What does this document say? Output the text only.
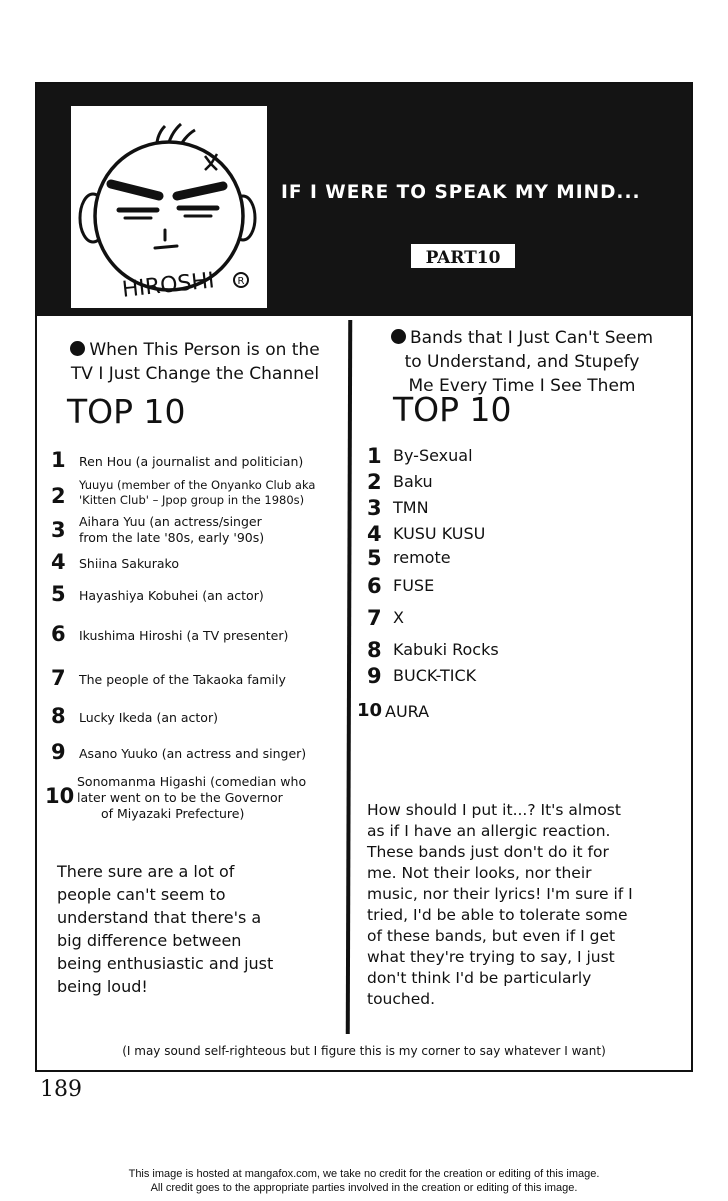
HIROSHI R
IF I WERE TO SPEAK MY MIND...
PART10
When This Person is on the
TV I Just Change the Channel
TOP 10
1 Ren Hou (a journalist and politician)
2 Yuuyu (member of the Onyanko Club aka
'Kitten Club' – Jpop group in the 1980s)
3 Aihara Yuu (an actress/singer
from the late '80s, early '90s)
4 Shiina Sakurako
5 Hayashiya Kobuhei (an actor)
6 Ikushima Hiroshi (a TV presenter)
7 The people of the Takaoka family
8 Lucky Ikeda (an actor)
9 Asano Yuuko (an actress and singer)
10
Sonomanma Higashi (comedian who
later went on to be the Governor
of Miyazaki Prefecture)
There sure are a lot of
people can't seem to
understand that there's a
big difference between
being enthusiastic and just
being loud!
Bands that I Just Can't Seem
to Understand, and Stupefy
Me Every Time I See Them
TOP 10
1 By-Sexual
2 Baku
3 TMN
4 KUSU KUSU
5 remote
6 FUSE
7 X
8 Kabuki Rocks
9 BUCK-TICK
10 AURA
How should I put it...? It's almost
as if I have an allergic reaction.
These bands just don't do it for
me. Not their looks, nor their
music, nor their lyrics! I'm sure if I
tried, I'd be able to tolerate some
of these bands, but even if I get
what they're trying to say, I just
don't think I'd be particularly
touched.
(I may sound self-righteous but I figure this is my corner to say whatever I want)
189
This image is hosted at mangafox.com, we take no credit for the creation or editing of this image.
All credit goes to the appropriate parties involved in the creation or editing of this image.
